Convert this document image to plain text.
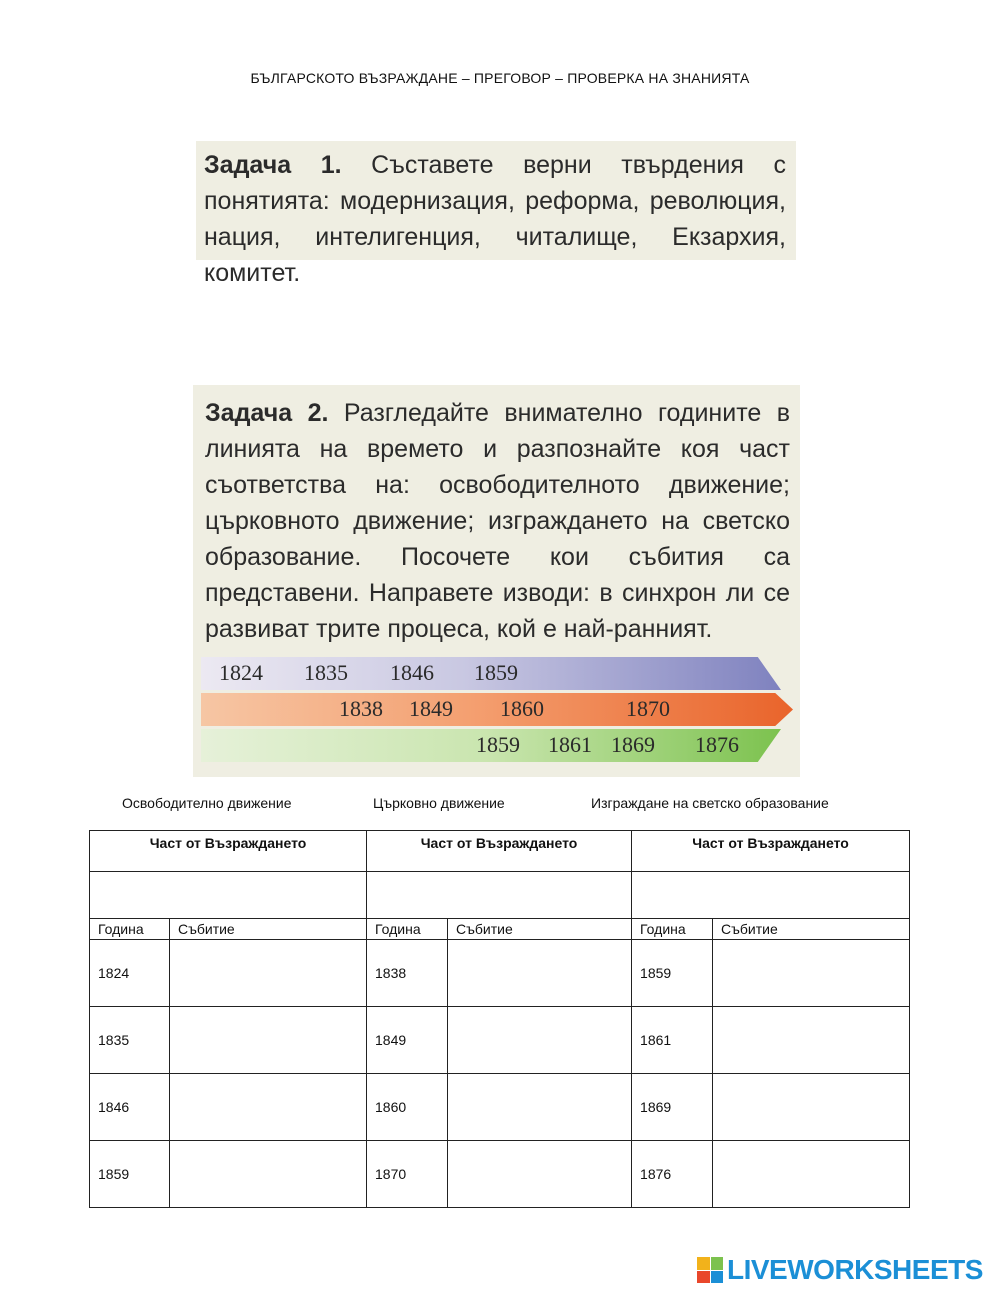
БЪЛГАРСКОТО ВЪЗРАЖДАНЕ – ПРЕГОВОР – ПРОВЕРКА НА ЗНАНИЯТА
Задача 1. Съставете верни твърдения с понятията: модернизация, реформа, революция, нация, интелигенция, читалище, Екзархия, комитет.
Задача 2. Разгледайте внимателно годините в линията на времето и разпознайте коя част съответства на: освободителното движение; църковното движение; изграждането на светско образование. Посочете кои събития са представени. Направете изводи: в синхрон ли се развиват трите процеса, кой е най-ранният.
1824 1835 1846 1859
1838 1849 1860	1870
1859 1861 1869 1876
Освободително движение	Църковно движение	Изграждане на светско образование
Част от Възраждането		Част от Възраждането		Част от Възраждането	

Година	Събитие	Година	Събитие	Година	Събитие
1824		1838		1859	
1835		1849		1861	
1846		1860		1869	
1859		1870		1876	
LIVEWORKSHEETS
